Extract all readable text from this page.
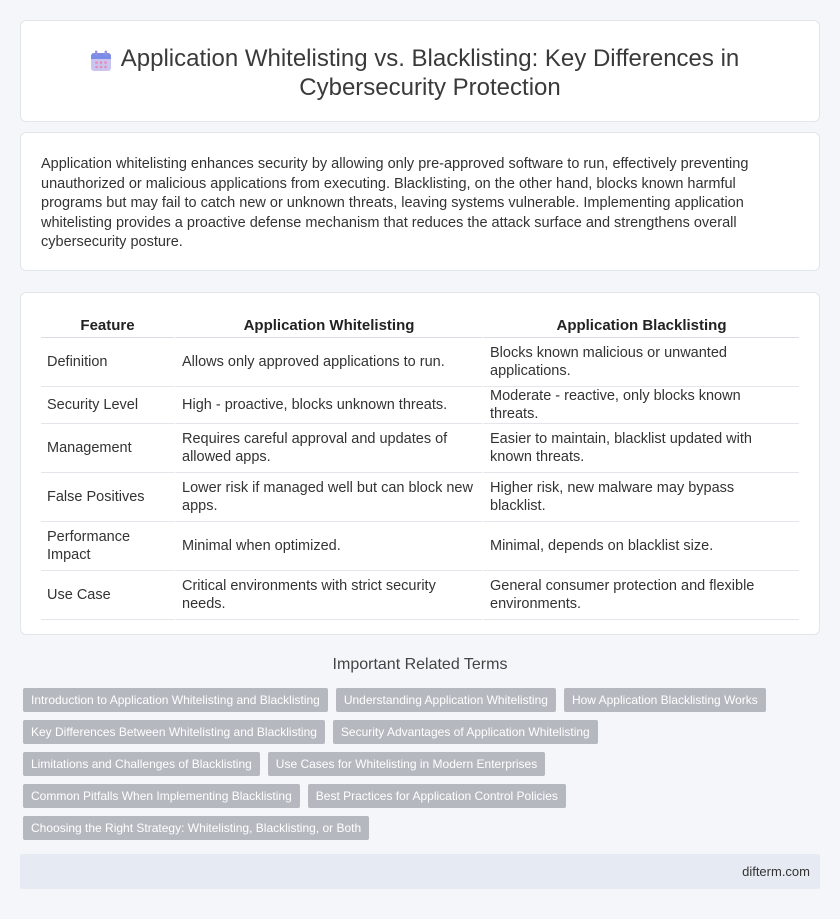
Application Whitelisting vs. Blacklisting: Key Differences in Cybersecurity Protection

Application whitelisting enhances security by allowing only pre-approved software to run, effectively preventing unauthorized or malicious applications from executing. Blacklisting, on the other hand, blocks known harmful programs but may fail to catch new or unknown threats, leaving systems vulnerable. Implementing application whitelisting provides a proactive defense mechanism that reduces the attack surface and strengthens overall cybersecurity posture.

Feature	Application Whitelisting	Application Blacklisting
Definition	Allows only approved applications to run.	Blocks known malicious or unwanted applications.
Security Level	High - proactive, blocks unknown threats.	Moderate - reactive, only blocks known threats.
Management	Requires careful approval and updates of allowed apps.	Easier to maintain, blacklist updated with known threats.
False Positives	Lower risk if managed well but can block new apps.	Higher risk, new malware may bypass blacklist.
Performance Impact	Minimal when optimized.	Minimal, depends on blacklist size.
Use Case	Critical environments with strict security needs.	General consumer protection and flexible environments.
Important Related Terms
Introduction to Application Whitelisting and Blacklisting	Understanding Application Whitelisting	How Application Blacklisting Works
Key Differences Between Whitelisting and Blacklisting	Security Advantages of Application Whitelisting
Limitations and Challenges of Blacklisting	Use Cases for Whitelisting in Modern Enterprises
Common Pitfalls When Implementing Blacklisting	Best Practices for Application Control Policies
Choosing the Right Strategy: Whitelisting, Blacklisting, or Both
difterm.com
